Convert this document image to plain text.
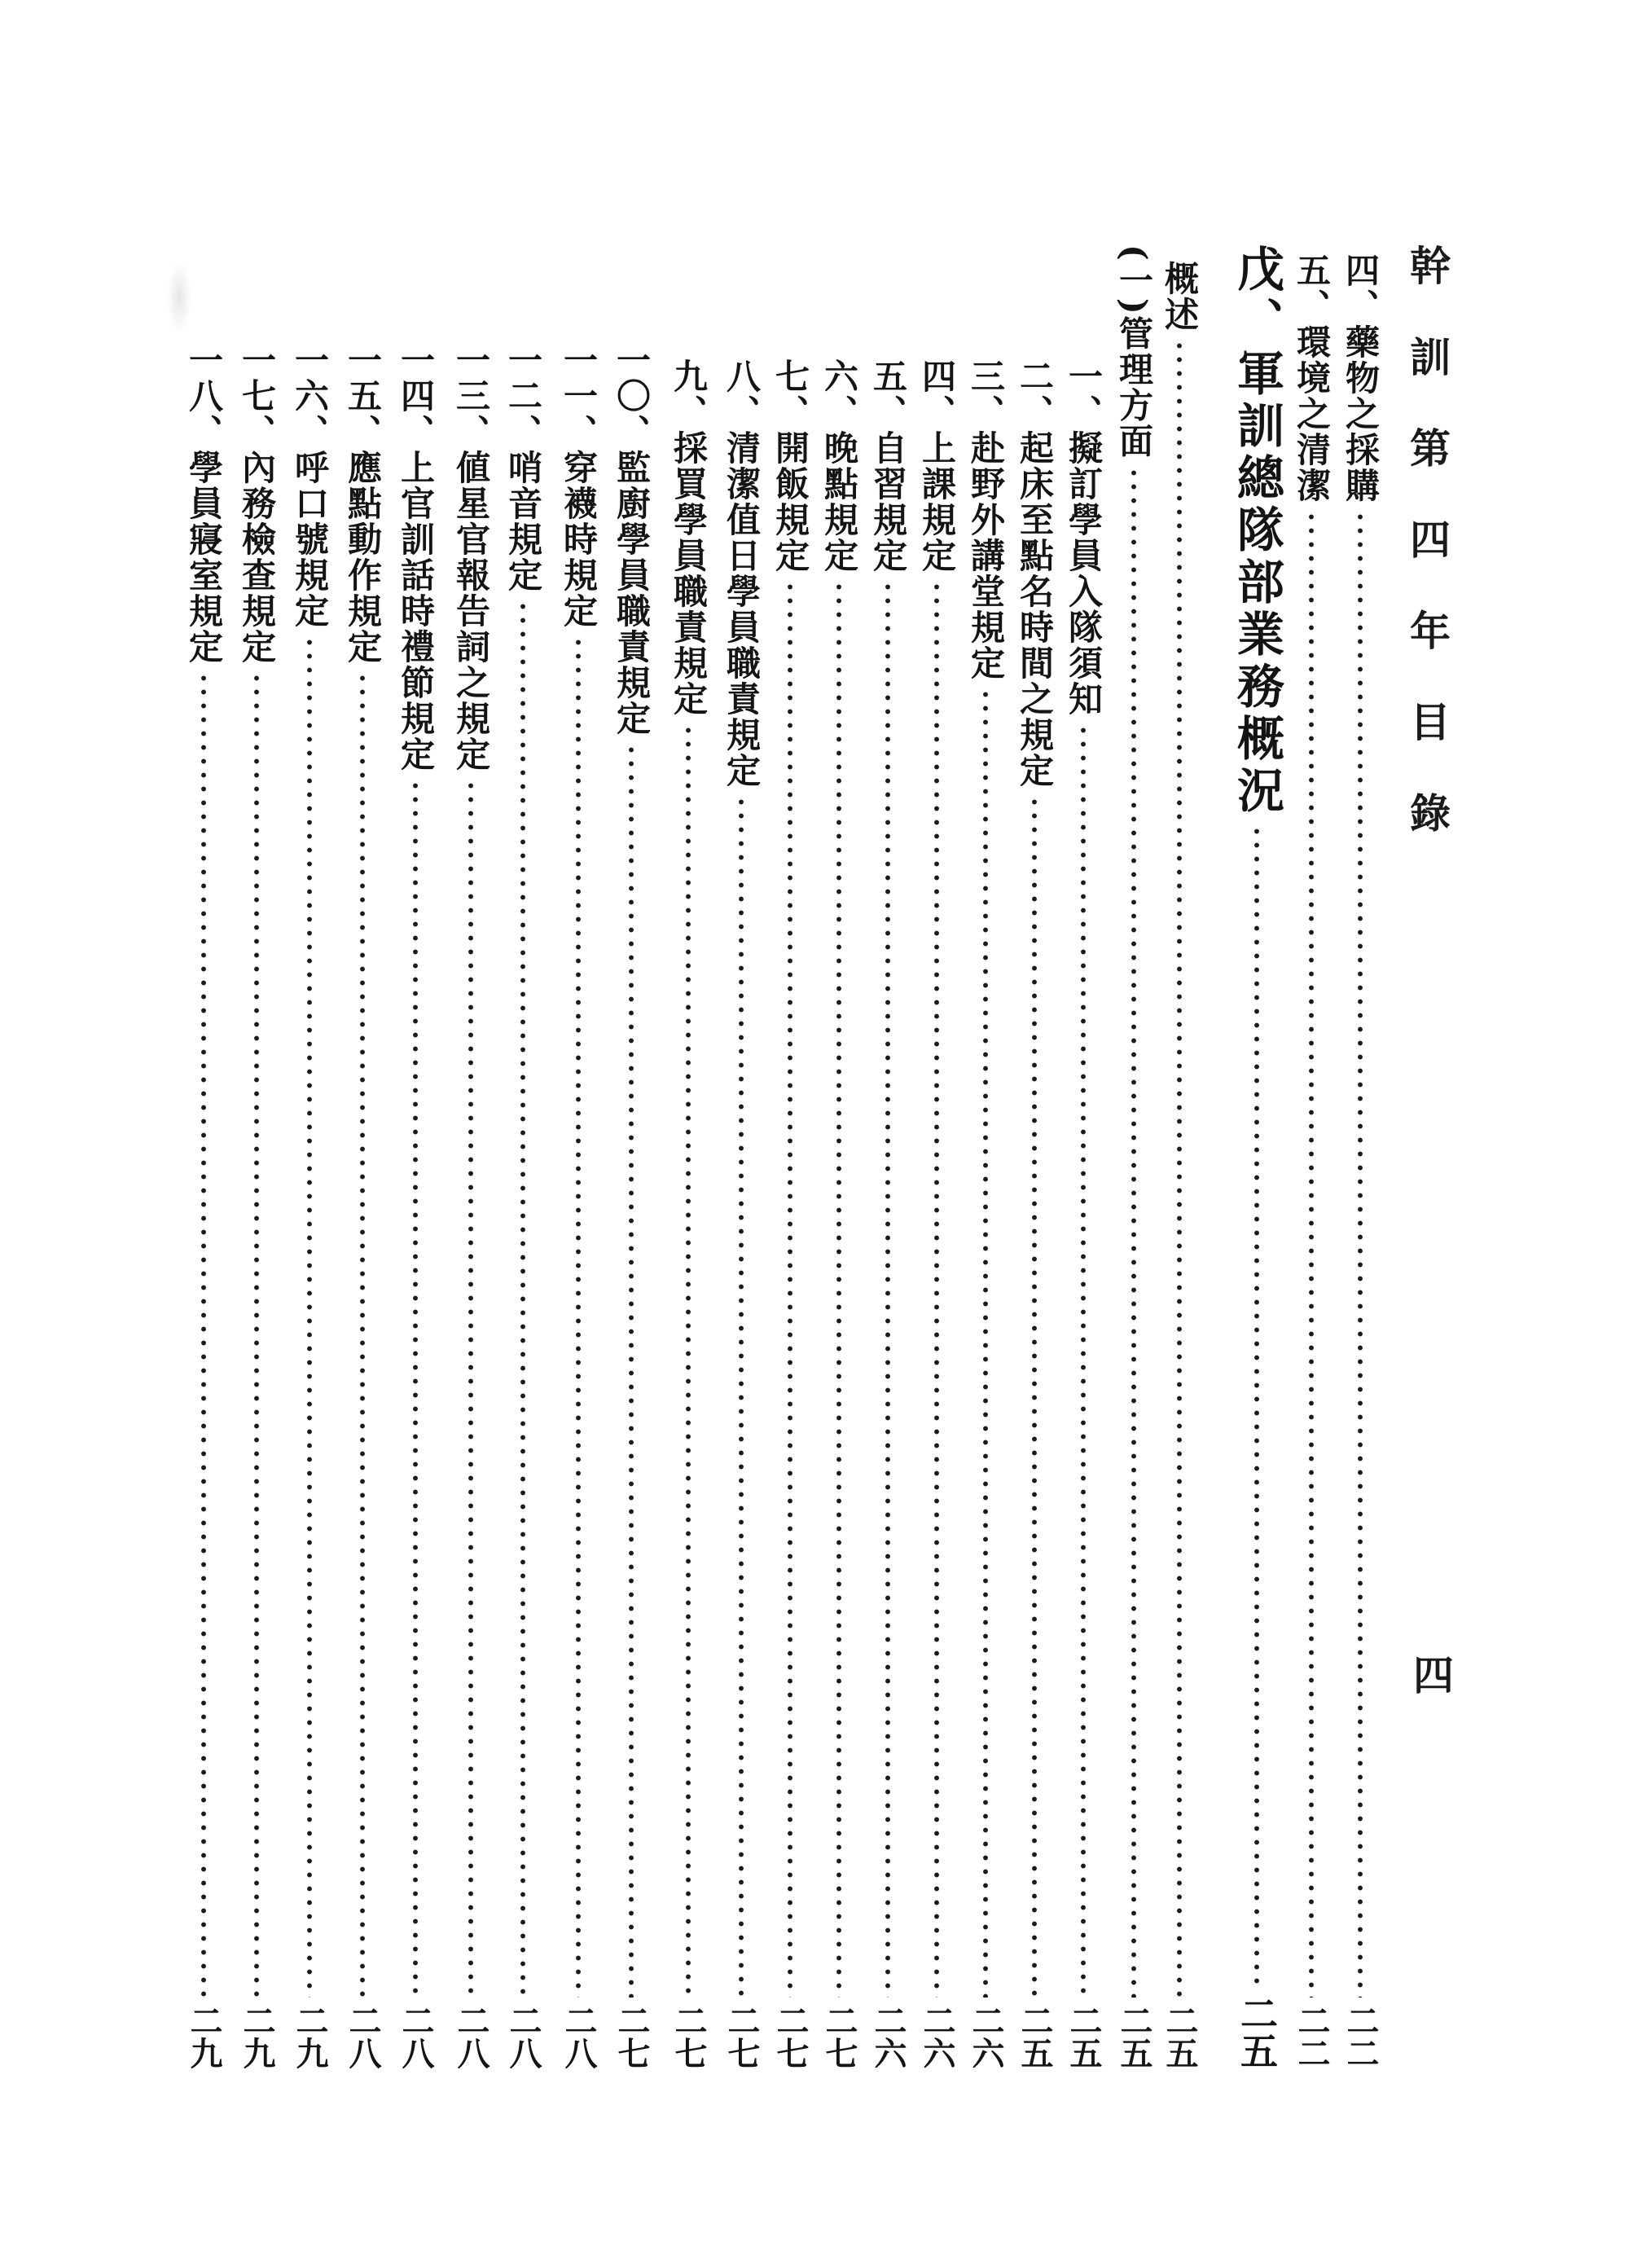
幹訓第四年目錄
四
四、藥物之採購
二二
五、環境之清潔
二二
戊、軍訓總隊部業務概況
二五
概述
二五
(一)管理方面
二五
一、擬訂學員入隊須知
二五
二、起床至點名時間之規定
二五
三、赴野外講堂規定
二六
四、上課規定
二六
五、自習規定
二六
六、晚點規定
二七
七、開飯規定
二七
八、清潔值日學員職責規定
二七
九、採買學員職責規定
二七
一〇、監廚學員職責規定
二七
一一、穿襪時規定
二八
一二、哨音規定
二八
一三、値星官報告詞之規定
二八
一四、上官訓話時禮節規定
二八
一五、應點動作規定
二八
一六、呼口號規定
二九
一七、內務檢查規定
二九
一八、學員寢室規定
二九
